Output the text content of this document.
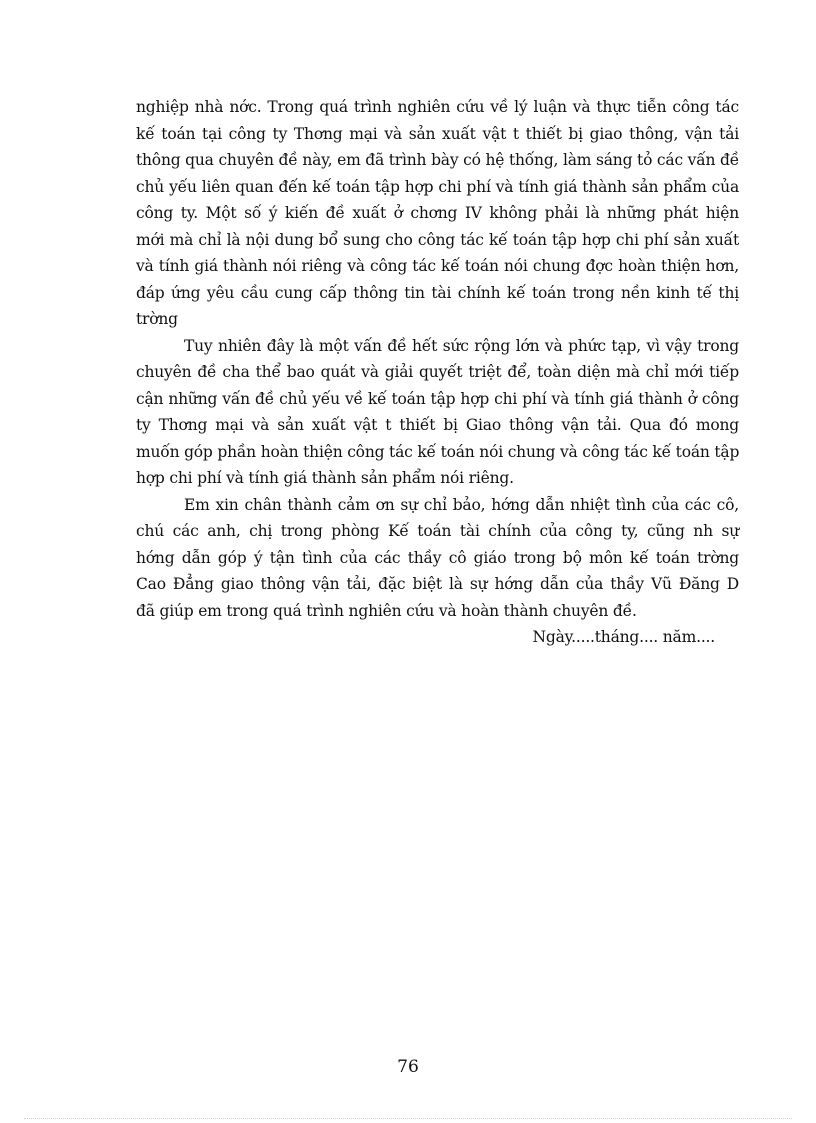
nghiệp nhà nớc. Trong quá trình nghiên cứu về lý luận và thực tiễn công tác
kế toán tại công ty Thơng mại và sản xuất vật t thiết bị giao thông, vận tải
thông qua chuyên đề này, em đã trình bày có hệ thống, làm sáng tỏ các vấn đề
chủ yếu liên quan đến kế toán tập hợp chi phí và tính giá thành sản phẩm của
công ty. Một số ý kiến đề xuất ở chơng IV không phải là những phát hiện
mới mà chỉ là nội dung bổ sung cho công tác kế toán tập hợp chi phí sản xuất
và tính giá thành nói riêng và công tác kế toán nói chung đợc hoàn thiện hơn,
đáp ứng yêu cầu cung cấp thông tin tài chính kế toán trong nền kinh tế thị
trờng
Tuy nhiên đây là một vấn đề hết sức rộng lớn và phức tạp, vì vậy trong
chuyên đề cha thể bao quát và giải quyết triệt để, toàn diện mà chỉ mới tiếp
cận những vấn đề chủ yếu về kế toán tập hợp chi phí và tính giá thành ở công
ty Thơng mại và sản xuất vật t thiết bị Giao thông vận tải. Qua đó mong
muốn góp phần hoàn thiện công tác kế toán nói chung và công tác kế toán tập
hợp chi phí và tính giá thành sản phẩm nói riêng.
Em xin chân thành cảm ơn sự chỉ bảo, hớng dẫn nhiệt tình của các cô,
chú các anh, chị trong phòng Kế toán tài chính của công ty, cũng nh sự
hớng dẫn góp ý tận tình của các thầy cô giáo trong bộ môn kế toán trờng
Cao Đẳng giao thông vận tải, đặc biệt là sự hớng dẫn của thầy Vũ Đăng D
đã giúp em trong quá trình nghiên cứu và hoàn thành chuyên đề.
Ngày.....tháng.... năm....
76
